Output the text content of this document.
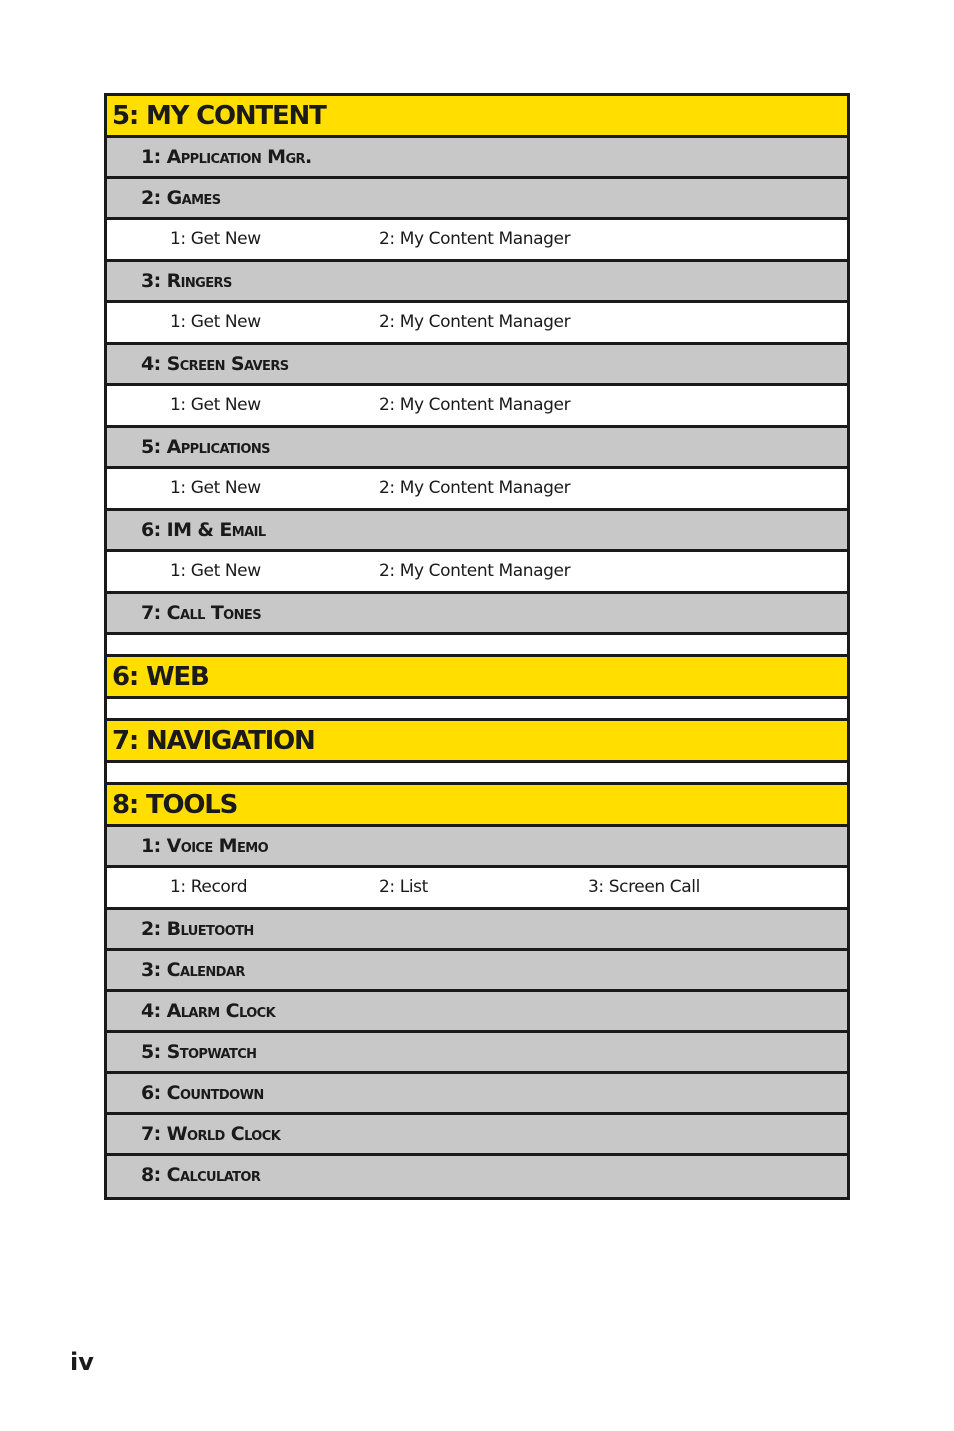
5: MY CONTENT
1: Application Mgr.
2: Games
1: Get New	2: My Content Manager
3: Ringers
1: Get New	2: My Content Manager
4: Screen Savers
1: Get New	2: My Content Manager
5: Applications
1: Get New	2: My Content Manager
6: IM & Email
1: Get New	2: My Content Manager
7: Call Tones
6: WEB
7: NAVIGATION
8: TOOLS
1: Voice Memo
1: Record	2: List	3: Screen Call
2: Bluetooth
3: Calendar
4: Alarm Clock
5: Stopwatch
6: Countdown
7: World Clock
8: Calculator
iv
